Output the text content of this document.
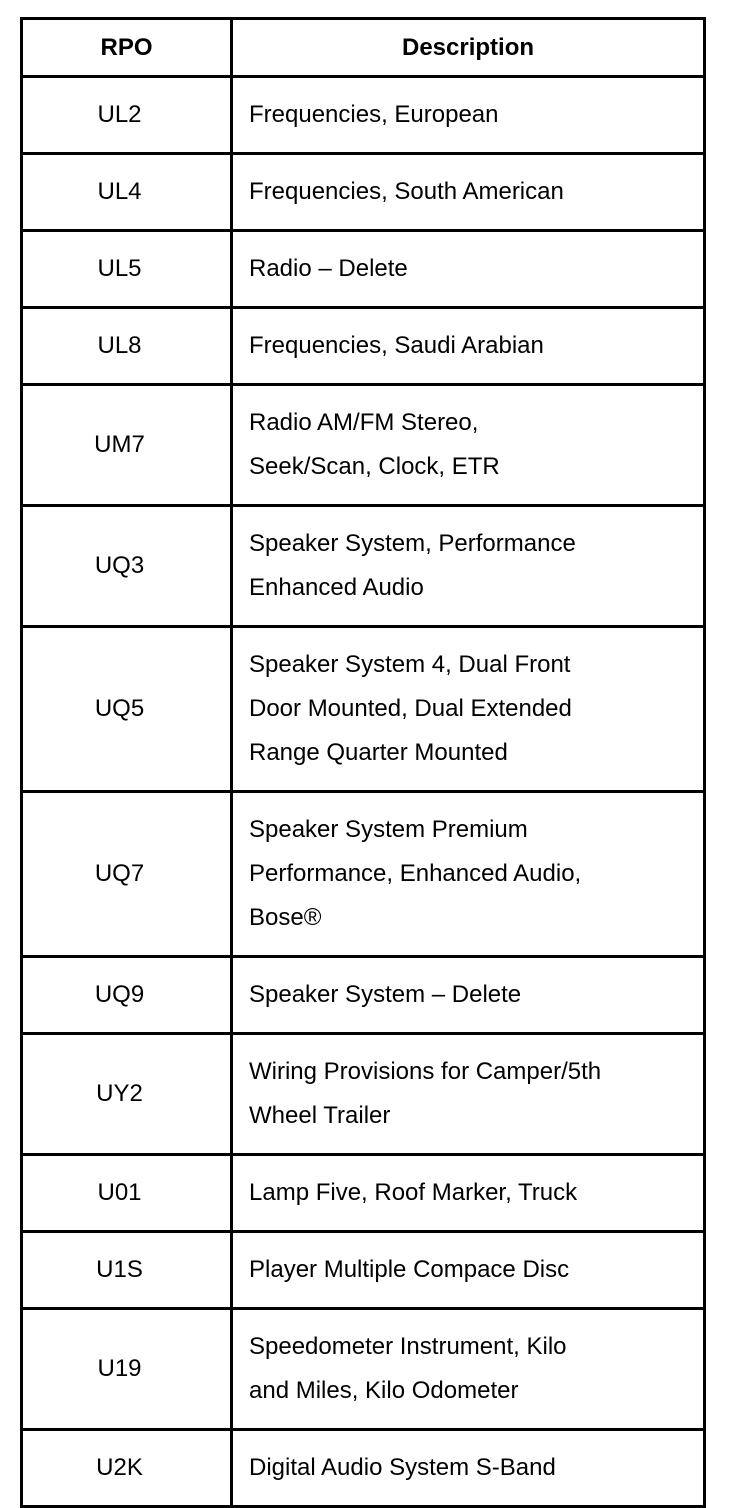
RPO	Description
UL2	Frequencies, European

UL4	Frequencies, South American

UL5	Radio – Delete

UL8	Frequencies, Saudi Arabian

UM7	Radio AM/FM Stereo,
Seek/Scan, Clock, ETR

UQ3	Speaker System, Performance
Enhanced Audio

UQ5	Speaker System 4, Dual Front
Door Mounted, Dual Extended
Range Quarter Mounted

UQ7	Speaker System Premium
Performance, Enhanced Audio,
Bose®

UQ9	Speaker System – Delete

UY2	Wiring Provisions for Camper/5th
Wheel Trailer

U01	Lamp Five, Roof Marker, Truck

U1S	Player Multiple Compace Disc

U19	Speedometer Instrument, Kilo
and Miles, Kilo Odometer

U2K	Digital Audio System S-Band
